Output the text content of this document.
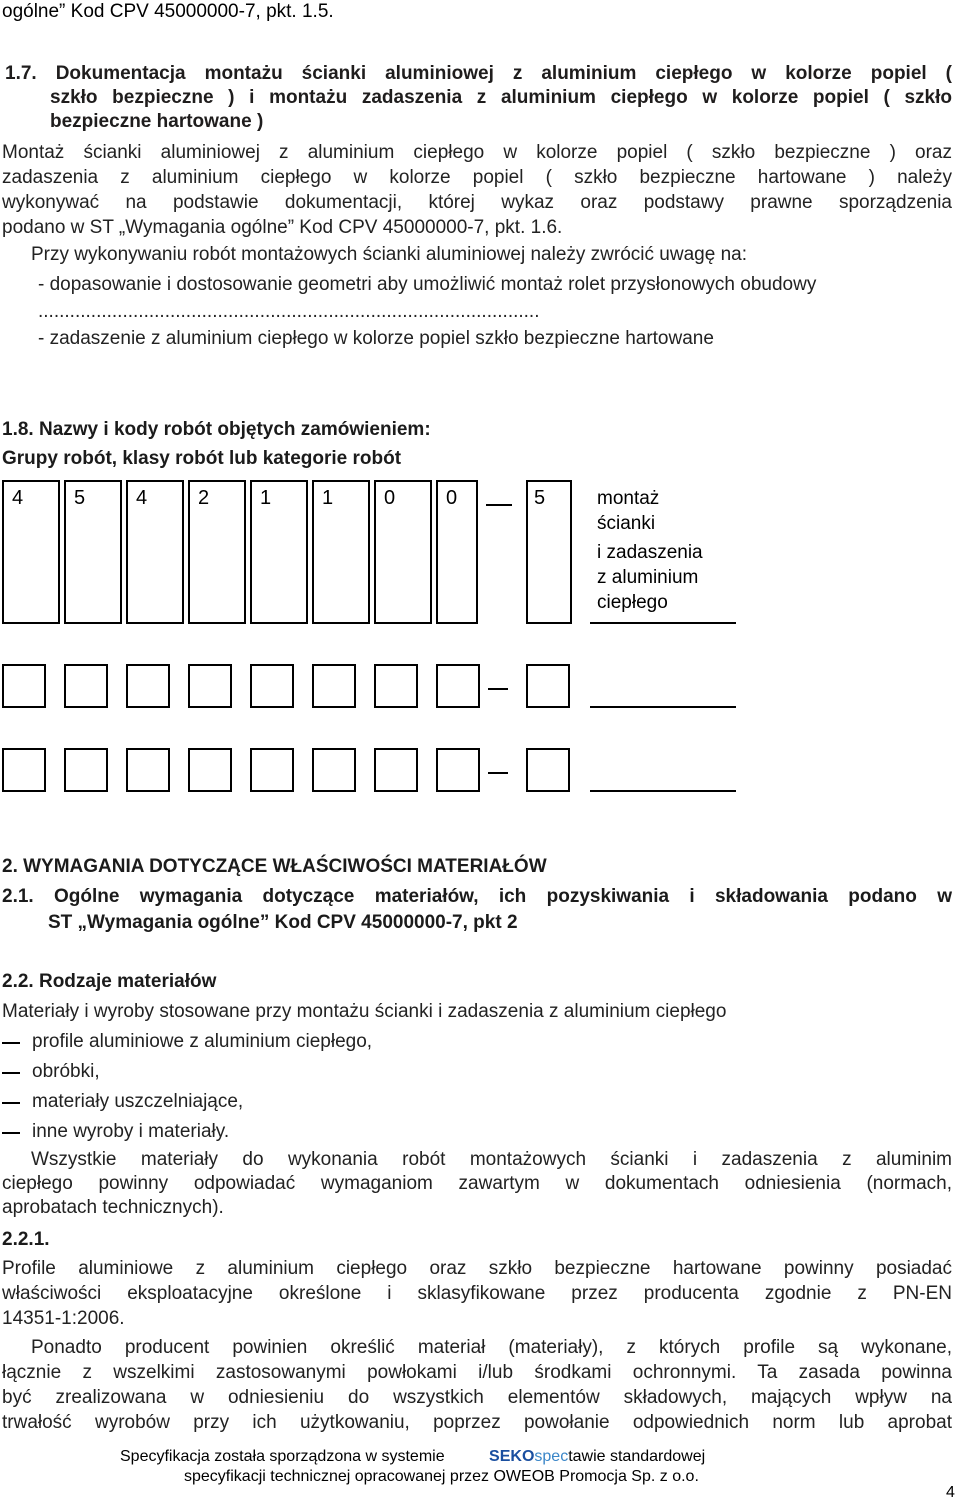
ogólne” Kod CPV 45000000-7, pkt. 1.5.
1.7. Dokumentacja montażu ścianki aluminiowej z aluminium ciepłego w kolorze popiel (
szkło bezpieczne ) i montażu zadaszenia z aluminium ciepłego w kolorze popiel ( szkło
bezpieczne hartowane )
Montaż ścianki aluminiowej z aluminium ciepłego w kolorze popiel ( szkło bezpieczne ) oraz
zadaszenia z aluminium ciepłego w kolorze popiel ( szkło bezpieczne hartowane ) należy
wykonywać na podstawie dokumentacji, której wykaz oraz podstawy prawne sporządzenia
podano w ST „Wymagania ogólne” Kod CPV 45000000-7, pkt. 1.6.
Przy wykonywaniu robót montażowych ścianki aluminiowej należy zwrócić uwagę na:
- dopasowanie i dostosowanie geometri aby umożliwić montaż rolet przysłonowych obudowy
...............................................................................................
- zadaszenie z aluminium ciepłego w kolorze popiel szkło bezpieczne hartowane
1.8. Nazwy i kody robót objętych zamówieniem:
Grupy robót, klasy robót lub kategorie robót
4	5	4	2	1	1	0	0	5	montaż
ścianki
i zadaszenia
z aluminium
ciepłego
2. WYMAGANIA DOTYCZĄCE WŁAŚCIWOŚCI MATERIAŁÓW
2.1. Ogólne wymagania dotyczące materiałów, ich pozyskiwania i składowania podano w
ST „Wymagania ogólne” Kod CPV 45000000-7, pkt 2
2.2. Rodzaje materiałów
Materiały i wyroby stosowane przy montażu ścianki i zadaszenia z aluminium ciepłego
profile aluminiowe z aluminium ciepłego,
obróbki,
materiały uszczelniające,
inne wyroby i materiały.
Wszystkie materiały do wykonania robót montażowych ścianki i zadaszenia z aluminim
ciepłego powinny odpowiadać wymaganiom zawartym w dokumentach odniesienia (normach,
aprobatach technicznych).
2.2.1.
Profile aluminiowe z aluminium ciepłego oraz szkło bezpieczne hartowane powinny posiadać
właściwości eksploatacyjne określone i sklasyfikowane przez producenta zgodnie z PN-EN
14351-1:2006.
Ponadto producent powinien określić materiał (materiały), z których profile są wykonane,
łącznie z wszelkimi zastosowanymi powłokami i/lub środkami ochronnymi. Ta zasada powinna
być zrealizowana w odniesieniu do wszystkich elementów składowych, mających wpływ na
trwałość wyrobów przy ich użytkowaniu, poprzez powołanie odpowiednich norm lub aprobat
Specyfikacja została sporządzona w systemie	SEKOspectawie standardowej
specyfikacji technicznej opracowanej przez OWEOB Promocja Sp. z o.o.
4
